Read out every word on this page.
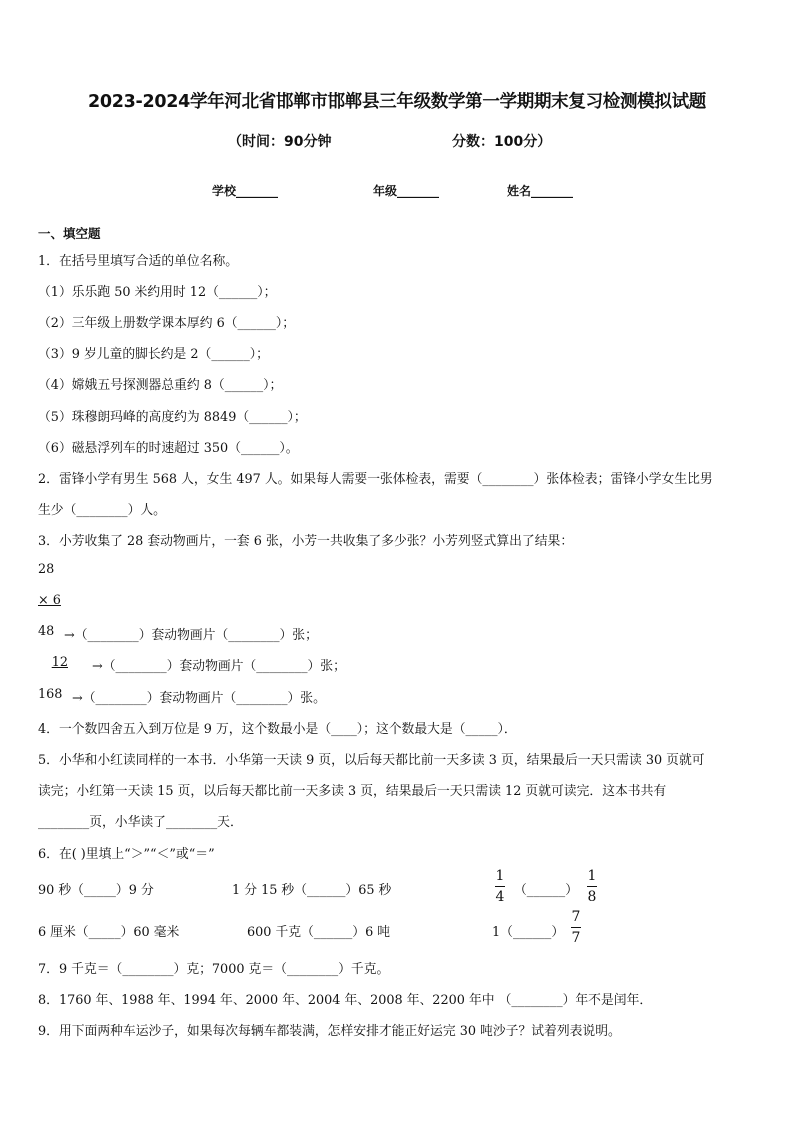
2023-2024学年河北省邯郸市邯郸县三年级数学第一学期期末复习检测模拟试题
（时间：90分钟	分数：100分）
学校_______	年级_______	姓名_______
一、填空题
1．在括号里填写合适的单位名称。
（1）乐乐跑 50 米约用时 12（______）；
（2）三年级上册数学课本厚约 6（______）；
（3）9 岁儿童的脚长约是 2（______）；
（4）嫦娥五号探测器总重约 8（______）；
（5）珠穆朗玛峰的高度约为 8849（______）；
（6）磁悬浮列车的时速超过 350（______）。
2．雷锋小学有男生 568 人，女生 497 人。如果每人需要一张体检表，需要（________）张体检表；雷锋小学女生比男
生少（________）人。
3．小芳收集了 28 套动物画片，一套 6 张，小芳一共收集了多少张？小芳列竖式算出了结果：
28
× 6
48 →（________）套动物画片（________）张；
12 →（________）套动物画片（________）张；
168 →（________）套动物画片（________）张。
4．一个数四舍五入到万位是 9 万，这个数最小是（____）；这个数最大是（_____）．
5．小华和小红读同样的一本书．小华第一天读 9 页，以后每天都比前一天多读 3 页，结果最后一天只需读 30 页就可
读完；小红第一天读 15 页，以后每天都比前一天多读 3 页，结果最后一天只需读 12 页就可读完．这本书共有
________页，小华读了________天．
6．在( )里填上“＞”“＜”或“＝”
90 秒（_____）9 分	1 分 15 秒（______）65 秒
1
4 （______）
1
8
6 厘米（_____）60 毫米	600 千克（______）6 吨	1（______）
7
7
7．9 千克＝（________）克；7000 克＝（________）千克。
8．1760 年、1988 年、1994 年、2000 年、2004 年、2008 年、2200 年中 （________）年不是闰年．
9．用下面两种车运沙子，如果每次每辆车都装满，怎样安排才能正好运完 30 吨沙子？试着列表说明。
